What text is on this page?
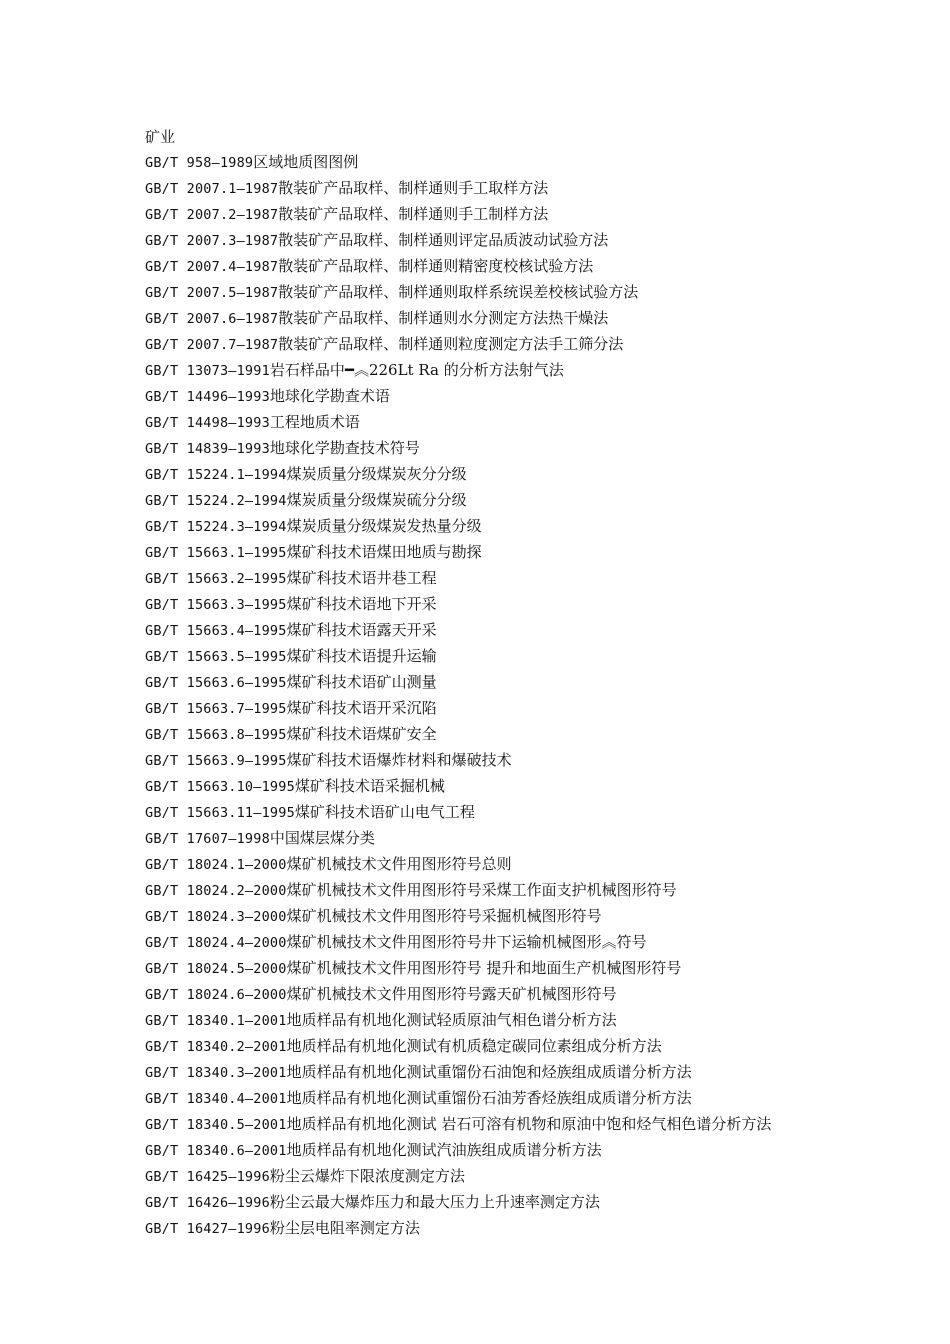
矿业
GB/T 958—1989区域地质图图例
GB/T 2007.1—1987散装矿产品取样、制样通则手工取样方法
GB/T 2007.2—1987散装矿产品取样、制样通则手工制样方法
GB/T 2007.3—1987散装矿产品取样、制样通则评定品质波动试验方法
GB/T 2007.4—1987散装矿产品取样、制样通则精密度校核试验方法
GB/T 2007.5—1987散装矿产品取样、制样通则取样系统误差校核试验方法
GB/T 2007.6—1987散装矿产品取样、制样通则水分测定方法热干燥法
GB/T 2007.7—1987散装矿产品取样、制样通则粒度测定方法手工筛分法
GB/T 13073—1991岩石样品中━︽226Lt Ra 的分析方法射气法
GB/T 14496—1993地球化学勘查术语
GB/T 14498—1993工程地质术语
GB/T 14839—1993地球化学勘查技术符号
GB/T 15224.1—1994煤炭质量分级煤炭灰分分级
GB/T 15224.2—1994煤炭质量分级煤炭硫分分级
GB/T 15224.3—1994煤炭质量分级煤炭发热量分级
GB/T 15663.1—1995煤矿科技术语煤田地质与勘探
GB/T 15663.2—1995煤矿科技术语井巷工程
GB/T 15663.3—1995煤矿科技术语地下开采
GB/T 15663.4—1995煤矿科技术语露天开采
GB/T 15663.5—1995煤矿科技术语提升运输
GB/T 15663.6—1995煤矿科技术语矿山测量
GB/T 15663.7—1995煤矿科技术语开采沉陷
GB/T 15663.8—1995煤矿科技术语煤矿安全
GB/T 15663.9—1995煤矿科技术语爆炸材料和爆破技术
GB/T 15663.10—1995煤矿科技术语采掘机械
GB/T 15663.11—1995煤矿科技术语矿山电气工程
GB/T 17607—1998中国煤层煤分类
GB/T 18024.1—2000煤矿机械技术文件用图形符号总则
GB/T 18024.2—2000煤矿机械技术文件用图形符号采煤工作面支护机械图形符号
GB/T 18024.3—2000煤矿机械技术文件用图形符号采掘机械图形符号
GB/T 18024.4—2000煤矿机械技术文件用图形符号井下运输机械图形︽符号
GB/T 18024.5—2000煤矿机械技术文件用图形符号 提升和地面生产机械图形符号
GB/T 18024.6—2000煤矿机械技术文件用图形符号露天矿机械图形符号
GB/T 18340.1—2001地质样品有机地化测试轻质原油气相色谱分析方法
GB/T 18340.2—2001地质样品有机地化测试有机质稳定碳同位素组成分析方法
GB/T 18340.3—2001地质样品有机地化测试重馏份石油饱和烃族组成质谱分析方法
GB/T 18340.4—2001地质样品有机地化测试重馏份石油芳香烃族组成质谱分析方法
GB/T 18340.5—2001地质样品有机地化测试 岩石可溶有机物和原油中饱和烃气相色谱分析方法
GB/T 18340.6—2001地质样品有机地化测试汽油族组成质谱分析方法
GB/T 16425—1996粉尘云爆炸下限浓度测定方法
GB/T 16426—1996粉尘云最大爆炸压力和最大压力上升速率测定方法
GB/T 16427—1996粉尘层电阻率测定方法
